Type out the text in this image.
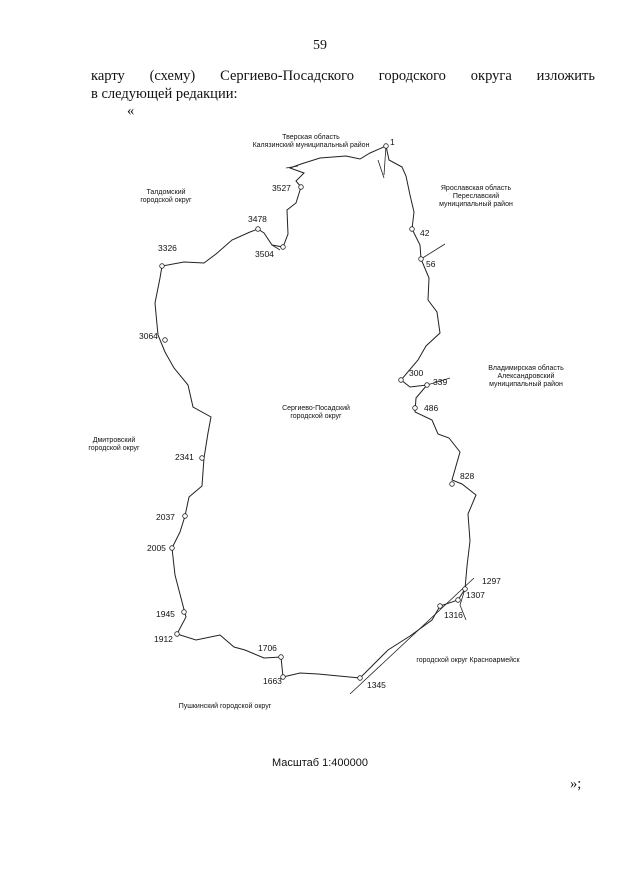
59
карту (схему) Сергиево-Посадского городского округа изложить
в следующей редакции:
«
1
3527
42
56
3478
3504
3326
3064
300
339
486
828
2341
2037
2005
1297
1307
1316
1945
1912
1706
1663	1345
Тверская область
Калязинский муниципальный район
Ярославская область
Переславский
муниципальный район
Талдомский
городской округ
Владимирская область
Александровский
муниципальный район
Сергиево-Посадский
городской округ
Дмитровский
городской округ
городской округ Красноармейск
Пушкинский городской округ
Масштаб 1:400000
»;
